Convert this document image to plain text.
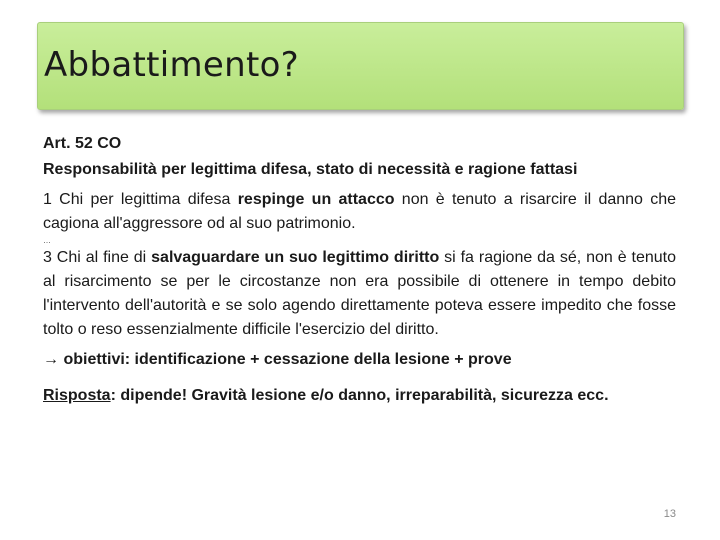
Abbattimento?

Art. 52 CO

Responsabilità per legittima difesa, stato di necessità e ragione fattasi

1 Chi per legittima difesa respinge un attacco non è tenuto a risarcire il danno che cagiona all'aggressore od al suo patrimonio.

…

3 Chi al fine di salvaguardare un suo legittimo diritto si fa ragione da sé, non è tenuto al risarcimento se per le circostanze non era possibile di ottenere in tempo debito l'intervento dell'autorità e se solo agendo direttamente poteva essere impedito che fosse tolto o reso essenzialmente difficile l'esercizio del diritto.

→ obiettivi: identificazione + cessazione della lesione + prove

Risposta: dipende! Gravità lesione e/o danno, irreparabilità, sicurezza ecc.

13
